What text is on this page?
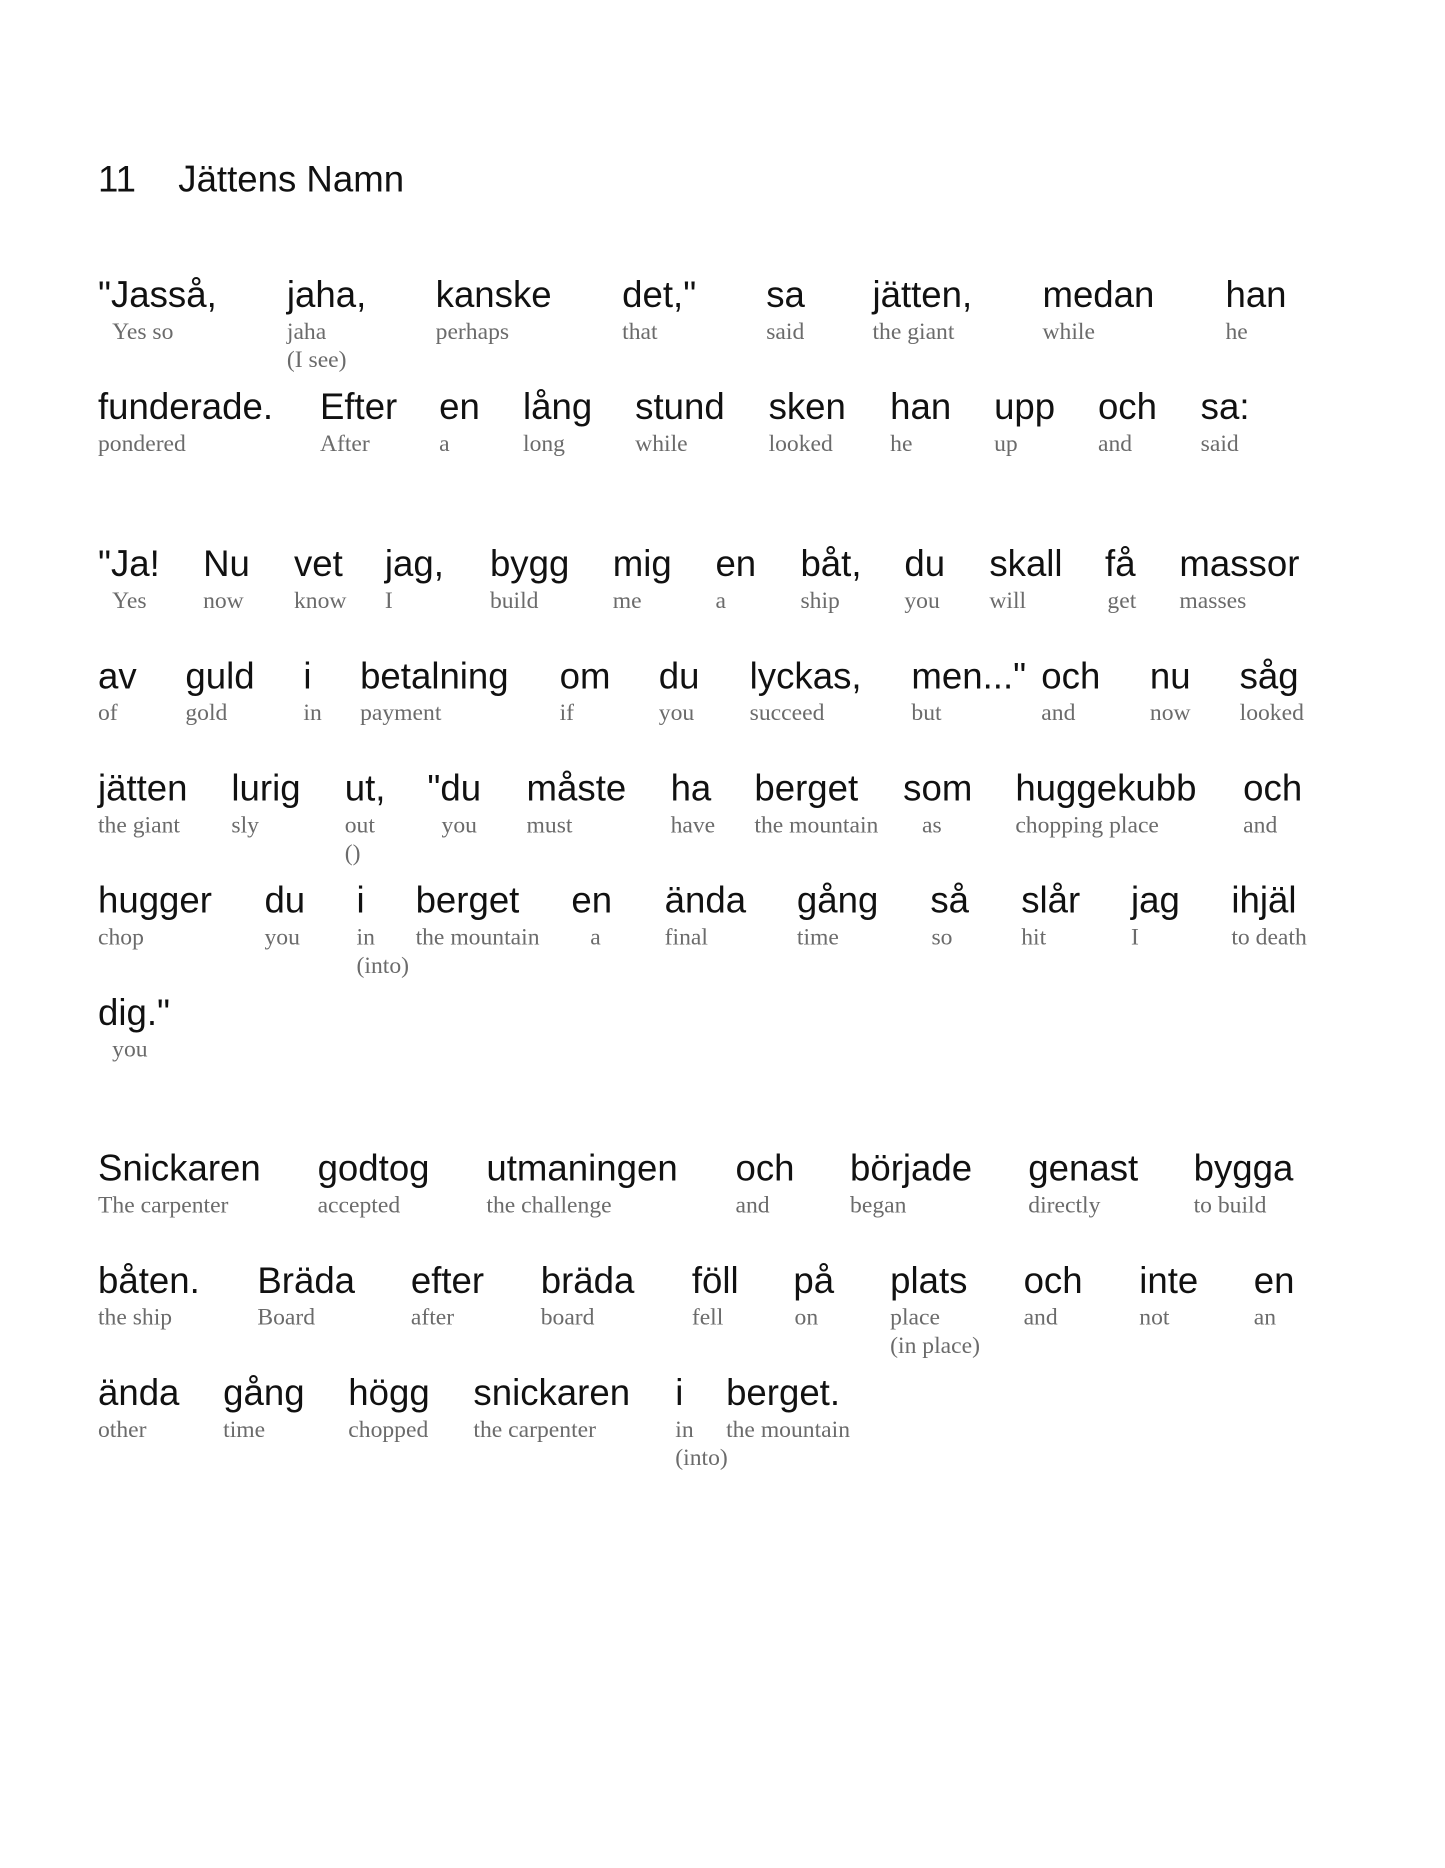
11 Jättens Namn
"Jasså,
Yes so
jaha,
jaha
(I see)
kanske
perhaps
det,"
that
sa
said
jätten,
the giant
medan
while
han
he
funderade.
pondered
Efter
After
en
a
lång
long
stund
while
sken
looked
han
he
upp
up
och
and
sa:
said
"Ja!
Yes
Nu
now
vet
know
jag,
I
bygg
build
mig
me
en
a
båt,
ship
du
you
skall
will
få
get
massor
masses
av
of
guld
gold
i
in
betalning
payment
om
if
du
you
lyckas,
succeed
men..."
but
och
and
nu
now
såg
looked
jätten
the giant
lurig
sly
ut,
out
()
"du
you
måste
must
ha
have
berget
the mountain
som
as
huggekubb
chopping place
och
and
hugger
chop
du
you
i
in
(into)
berget
the mountain
en
a
ända
final
gång
time
så
so
slår
hit
jag
I
ihjäl
to death
dig."
you
Snickaren
The carpenter
godtog
accepted
utmaningen
the challenge
och
and
började
began
genast
directly
bygga
to build
båten.
the ship
Bräda
Board
efter
after
bräda
board
föll
fell
på
on
plats
place
(in place)
och
and
inte
not
en
an
ända
other
gång
time
högg
chopped
snickaren
the carpenter
i
in
(into)
berget.
the mountain
